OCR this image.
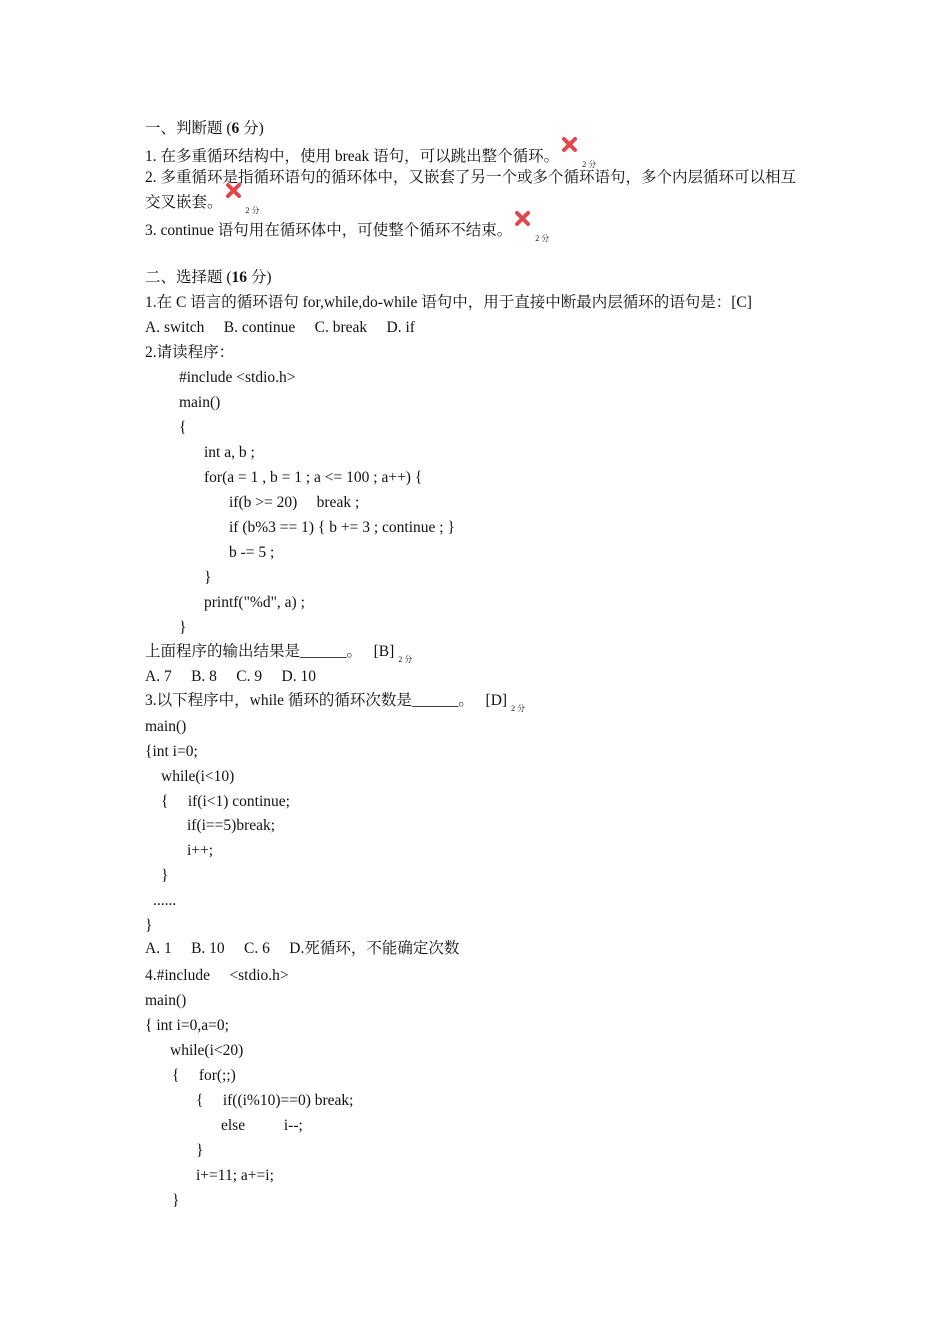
一、判断题 (6 分)
1. 在多重循环结构中，使用 break 语句，可以跳出整个循环。	$_{2 分}$
2. 多重循环是指循环语句的循环体中，又嵌套了另一个或多个循环语句，多个内层循环可以相互交叉嵌套。	$_{2 分}$
3. continue 语句用在循环体中，可使整个循环不结束。	$_{2 分}$
二、选择题 (16 分)
1.在 C 语言的循环语句 for,while,do-while 语句中，用于直接中断最内层循环的语句是：[C]
A. switch     B. continue     C. break     D. if
2.请读程序：
#include <stdio.h>
main()
{
int a, b ;
for(a = 1 , b = 1 ; a <= 100 ; a++) {
if(b >= 20)     break ;
if (b%3 == 1) { b += 3 ; continue ; }
b -= 5 ;
}
printf("%d", a) ;
}
上面程序的输出结果是______。   [B] $_{2 分}$
A. 7     B. 8     C. 9     D. 10
3.以下程序中，while 循环的循环次数是______。   [D] $_{2 分}$
main()
{int i=0;
while(i<10)
{     if(i<1) continue;
if(i==5)break;
i++;
}
......
}
A. 1     B. 10     C. 6     D.死循环，不能确定次数
4.#include     <stdio.h>
main()
{ int i=0,a=0;
while(i<20)
{     for(;;)
{     if((i%10)==0) break;
else          i--;
}
i+=11; a+=i;
}
